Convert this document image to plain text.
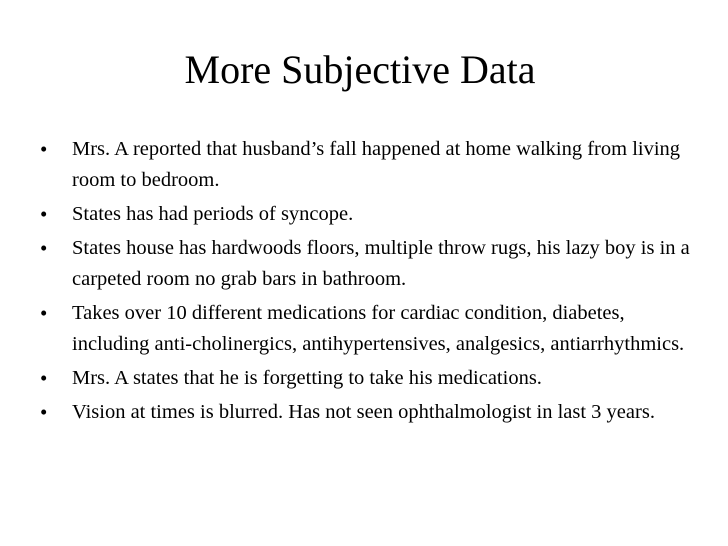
More Subjective Data
• Mrs. A reported that husband’s fall happened at home walking from living room to bedroom.
• States has had periods of syncope.
• States house has hardwoods floors, multiple throw rugs, his lazy boy is in a carpeted room no grab bars in bathroom.
• Takes over 10 different medications for cardiac condition, diabetes, including anti-cholinergics, antihypertensives, analgesics, antiarrhythmics.
• Mrs. A states that he is forgetting to take his medications.
• Vision at times is blurred. Has not seen ophthalmologist in last 3 years.
